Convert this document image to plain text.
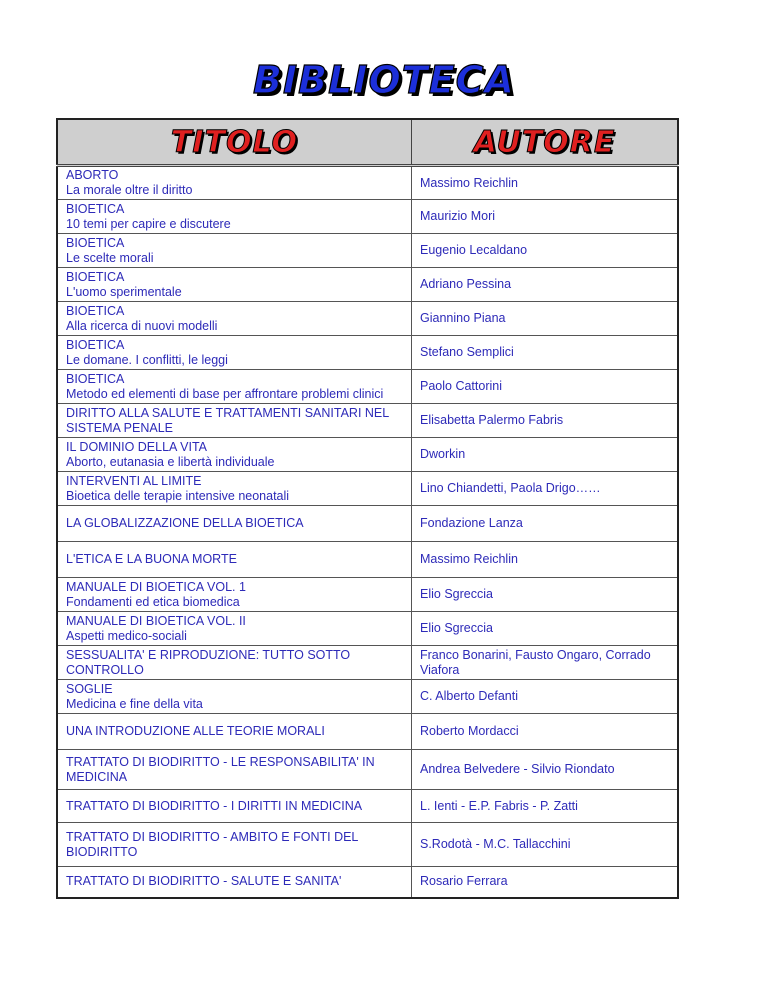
BIBLIOTECA
TITOLO	AUTORE

ABORTO
La morale oltre il diritto	Massimo Reichlin

BIOETICA
10 temi per capire e discutere	Maurizio Mori

BIOETICA
Le scelte morali	Eugenio Lecaldano

BIOETICA
L'uomo sperimentale	Adriano Pessina

BIOETICA
Alla ricerca di nuovi modelli	Giannino Piana

BIOETICA
Le domane. I conflitti, le leggi	Stefano Semplici

BIOETICA
Metodo ed elementi di base per affrontare problemi clinici	Paolo Cattorini

DIRITTO ALLA SALUTE E TRATTAMENTI SANITARI NEL SISTEMA PENALE	Elisabetta Palermo Fabris

IL DOMINIO DELLA VITA
Aborto, eutanasia e libertà individuale	Dworkin

INTERVENTI AL LIMITE
Bioetica delle terapie intensive neonatali	Lino Chiandetti, Paola Drigo……

LA GLOBALIZZAZIONE DELLA BIOETICA	Fondazione Lanza

L'ETICA E LA BUONA MORTE	Massimo Reichlin

MANUALE DI BIOETICA VOL. 1
Fondamenti ed etica biomedica	Elio Sgreccia

MANUALE DI BIOETICA VOL. II
Aspetti medico-sociali	Elio Sgreccia

SESSUALITA' E RIPRODUZIONE: TUTTO SOTTO CONTROLLO	Franco Bonarini, Fausto Ongaro, Corrado Viafora

SOGLIE
Medicina e fine della vita	C. Alberto Defanti

UNA INTRODUZIONE ALLE TEORIE MORALI	Roberto Mordacci

TRATTATO DI BIODIRITTO - LE RESPONSABILITA' IN MEDICINA	Andrea Belvedere - Silvio Riondato

TRATTATO DI BIODIRITTO - I DIRITTI IN MEDICINA	L. Ienti - E.P. Fabris - P. Zatti

TRATTATO DI BIODIRITTO - AMBITO E FONTI DEL BIODIRITTO	S.Rodotà - M.C. Tallacchini

TRATTATO DI BIODIRITTO - SALUTE E SANITA'	Rosario Ferrara
